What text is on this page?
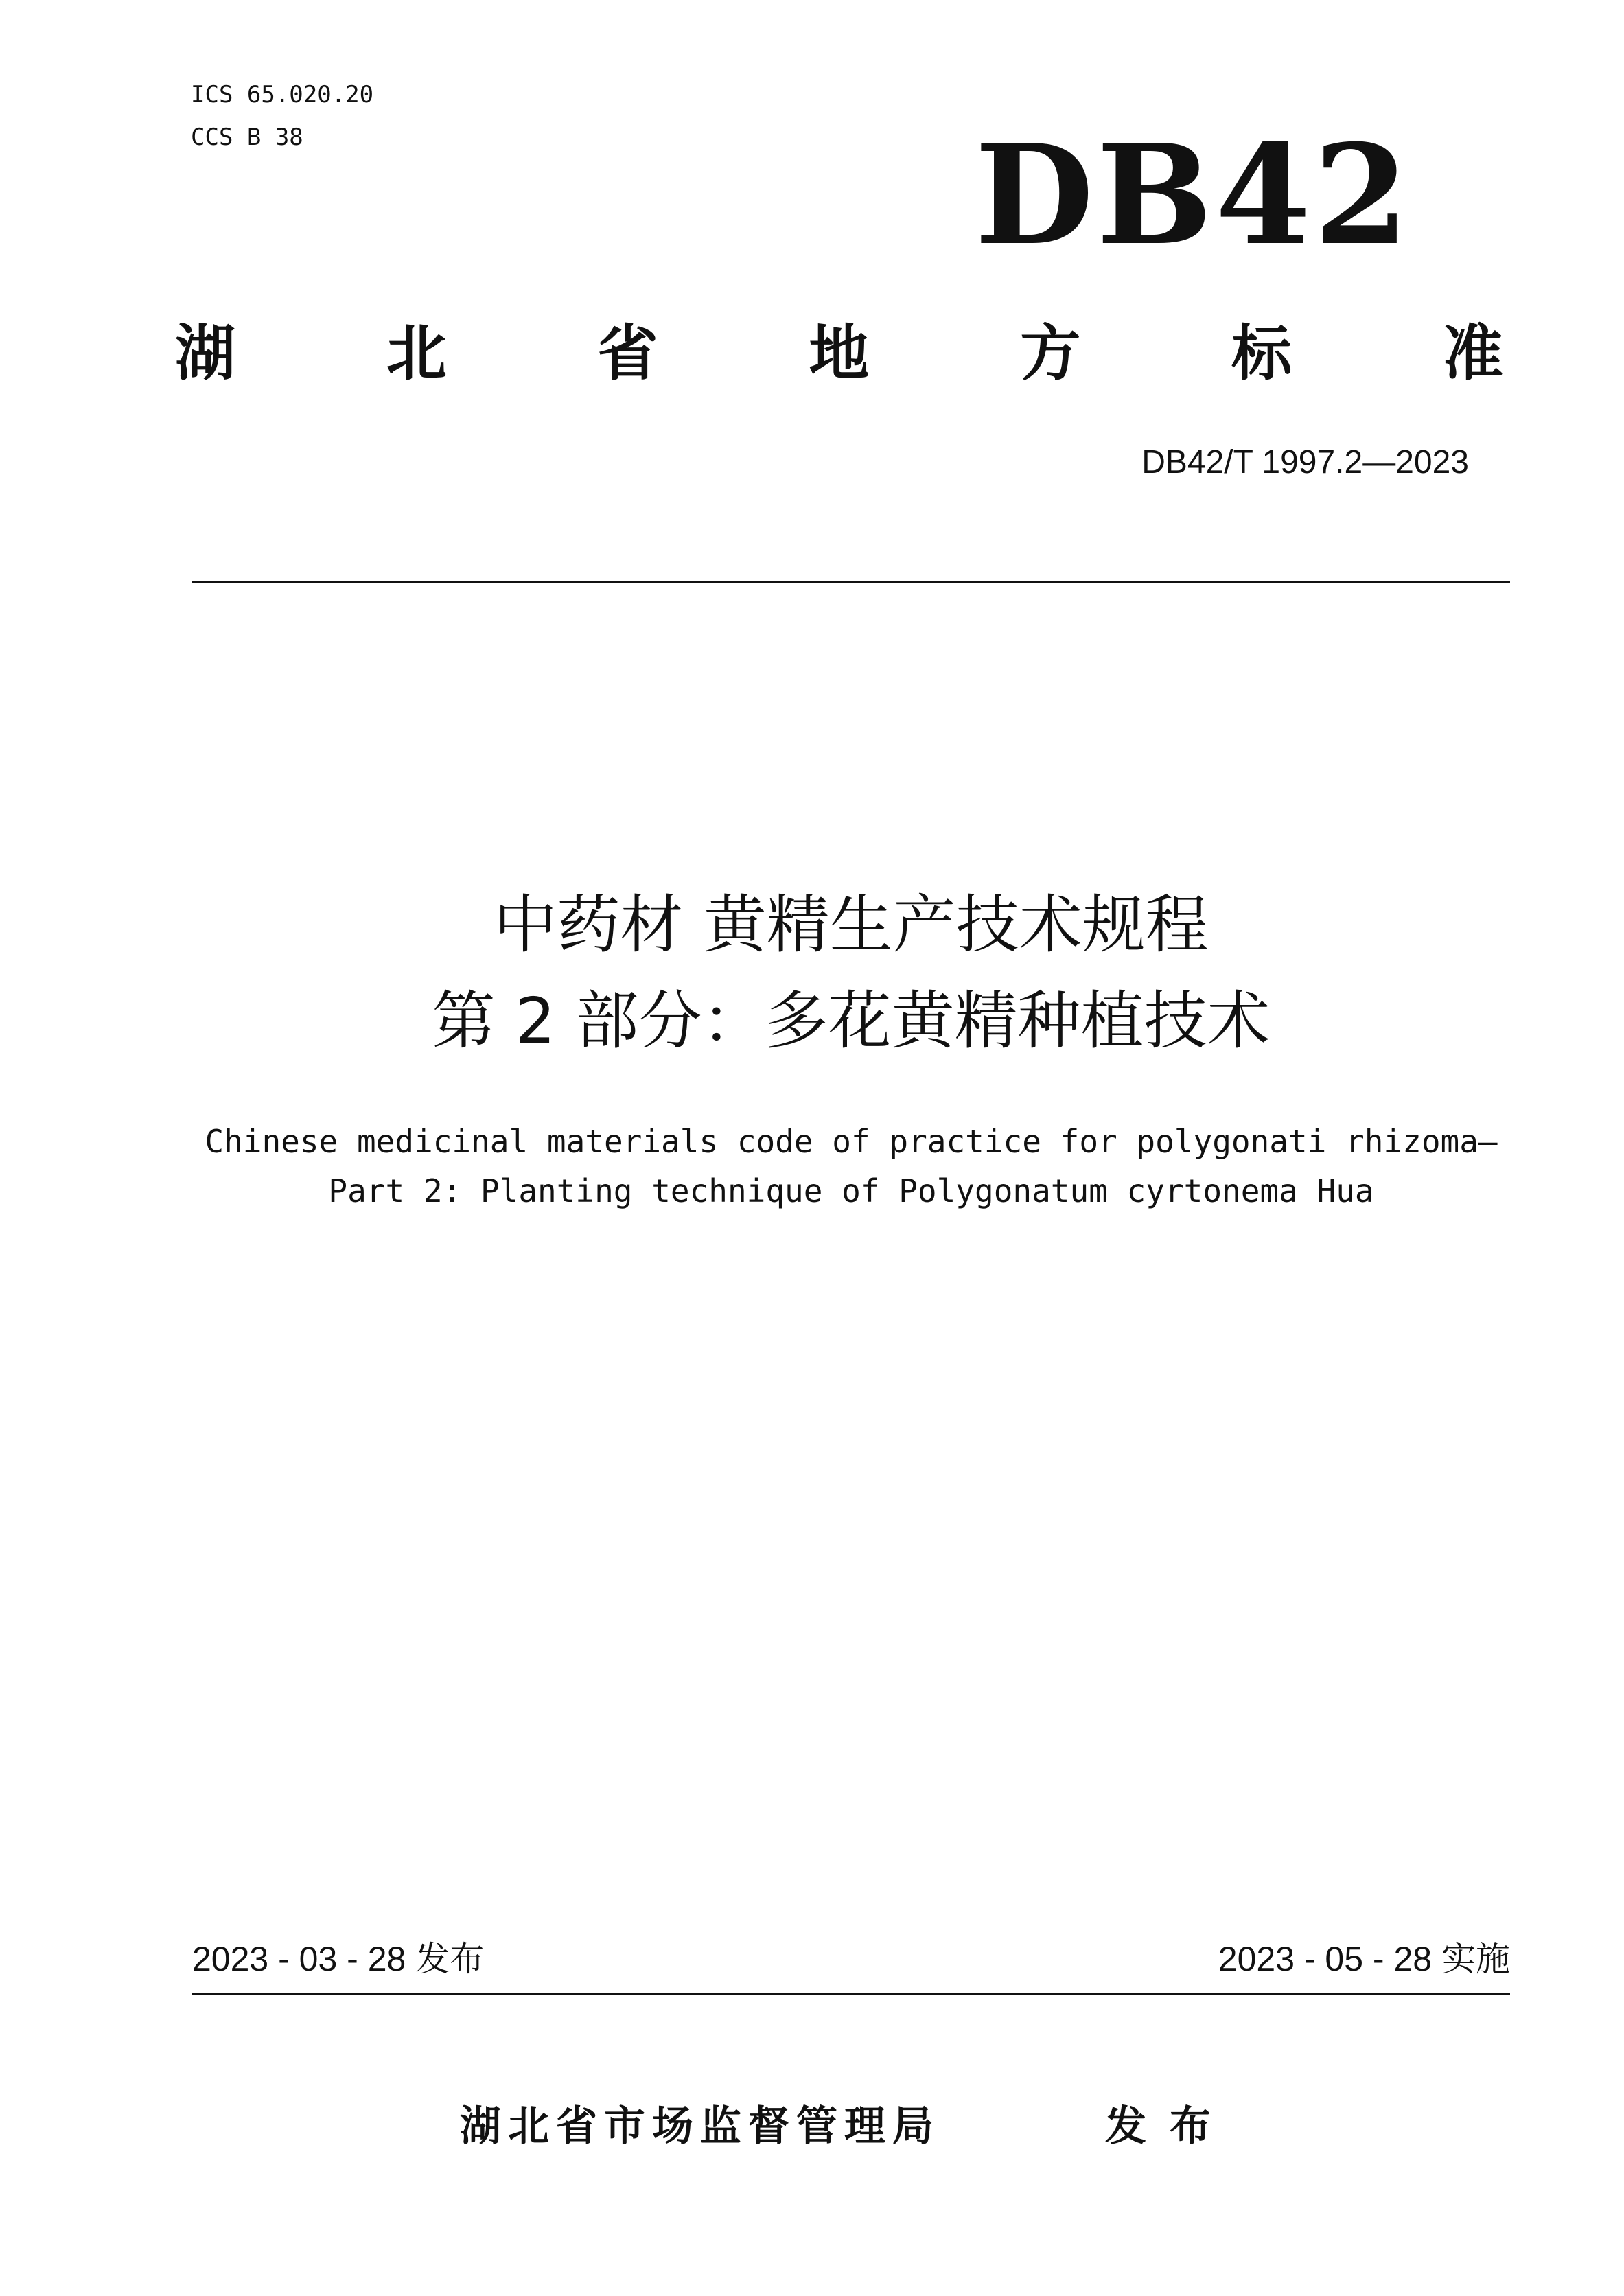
ICS 65.020.20
CCS B 38	DB42
湖 北 省 地 方 标 准
DB42/T 1997.2—2023
中药材 黄精生产技术规程
第 2 部分：多花黄精种植技术
Chinese medicinal materials code of practice for polygonati rhizoma—
Part 2: Planting technique of Polygonatum cyrtonema Hua
2023 - 03 - 28 发布	2023 - 05 - 28 实施
湖北省市场监督管理局	发布
